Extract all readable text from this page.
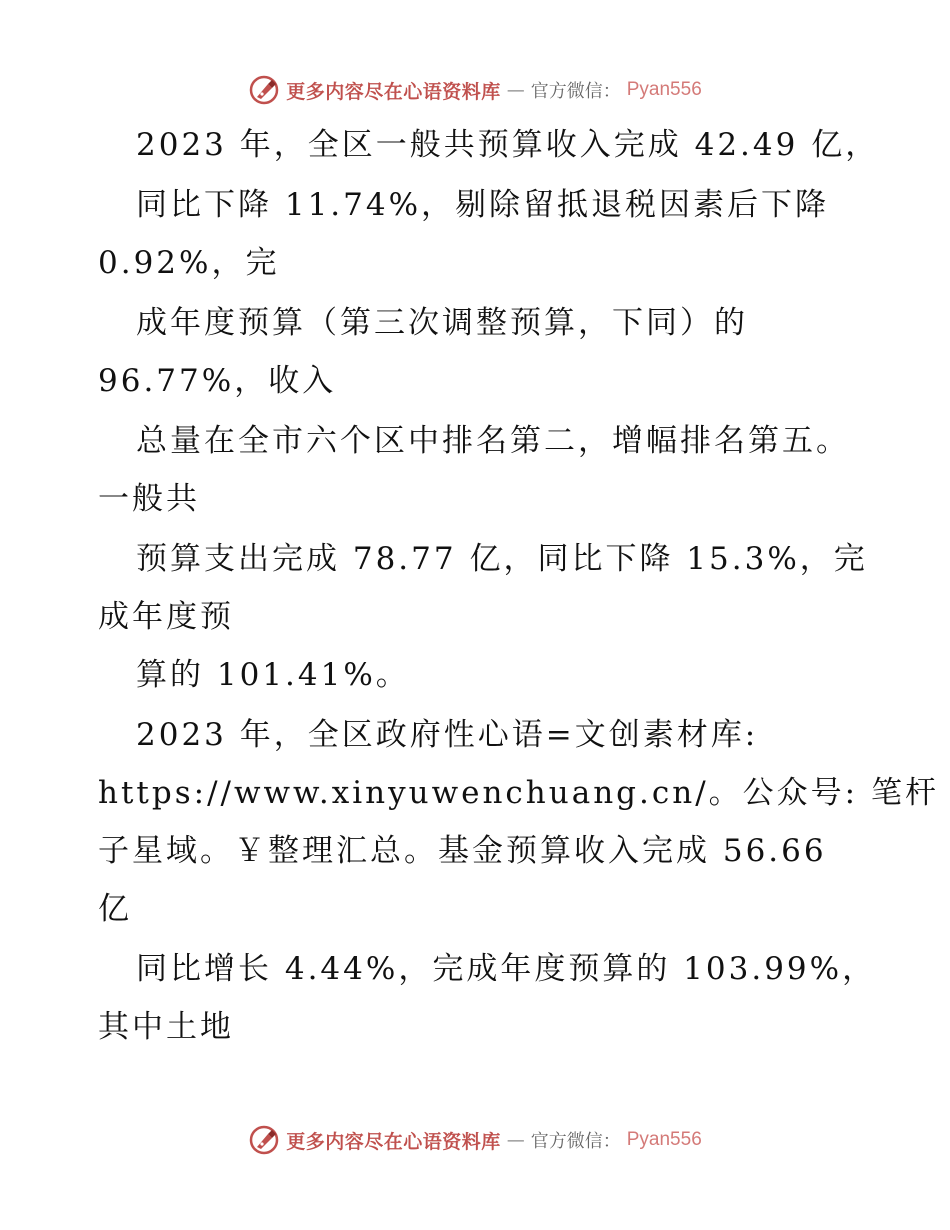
更多内容尽在心语资料库 — 官方微信： Pyan556
2023 年，全区一般共预算收入完成 42.49 亿，
同比下降 11.74%，剔除留抵退税因素后下降
0.92%，完
成年度预算（第三次调整预算，下同）的
96.77%，收入
总量在全市六个区中排名第二，增幅排名第五。
一般共
预算支出完成 78.77 亿，同比下降 15.3%，完
成年度预
算的 101.41%。
2023 年，全区政府性心语=文创素材库:
https://www.xinyuwenchuang.cn/。公众号: 笔杆
子星域。￥整理汇总。基金预算收入完成 56.66
亿
同比增长 4.44%，完成年度预算的 103.99%，
其中土地
更多内容尽在心语资料库 — 官方微信： Pyan556
